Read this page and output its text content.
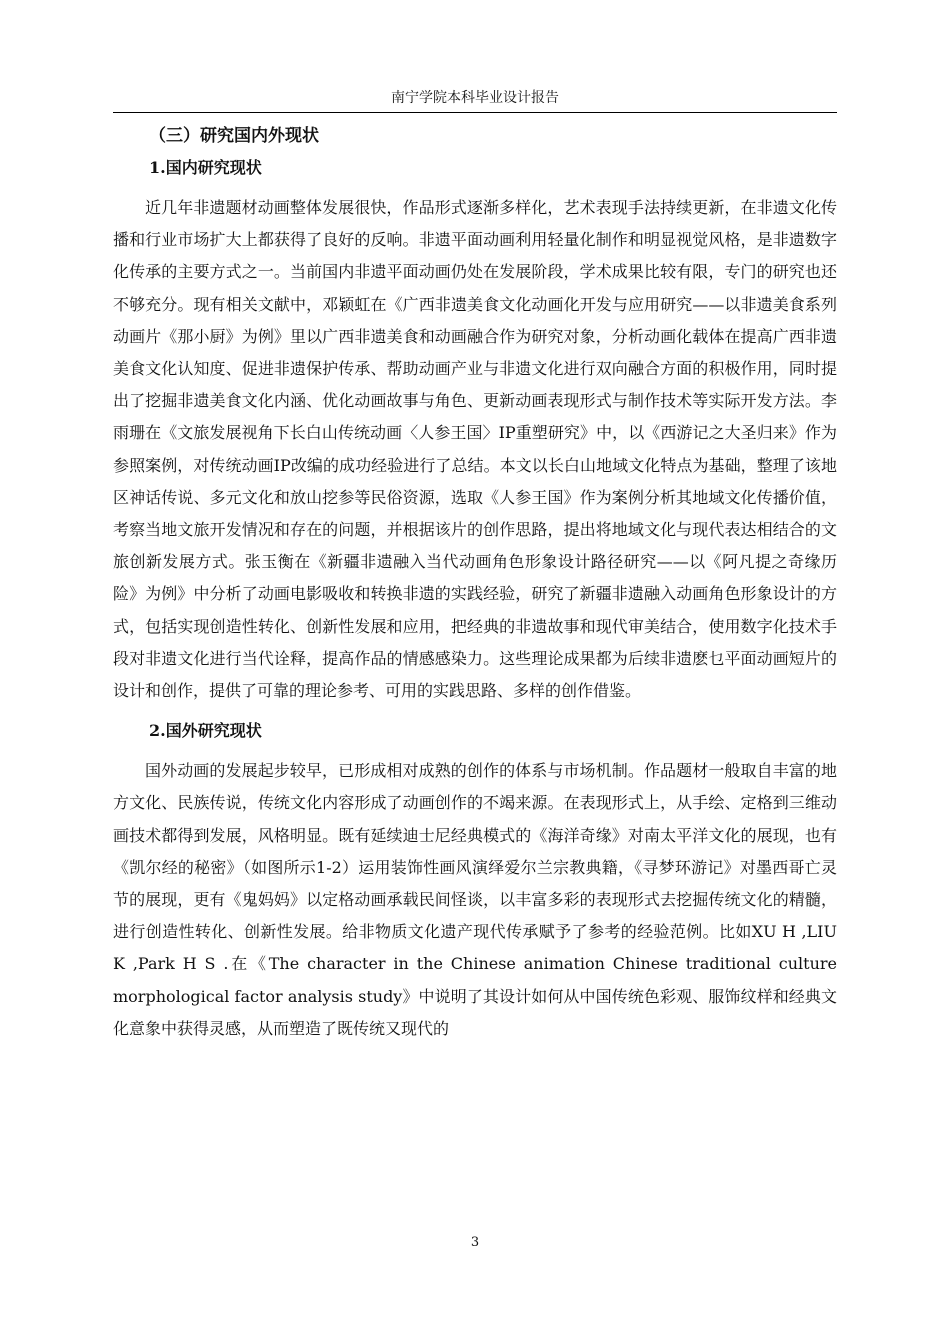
南宁学院本科毕业设计报告
（三）研究国内外现状
1.国内研究现状

近几年非遗题材动画整体发展很快，作品形式逐渐多样化，艺术表现手法持续更新，在非遗文化传播和行业市场扩大上都获得了良好的反响。非遗平面动画利用轻量化制作和明显视觉风格，是非遗数字化传承的主要方式之一。当前国内非遗平面动画仍处在发展阶段，学术成果比较有限，专门的研究也还不够充分。现有相关文献中，邓颖虹在《广西非遗美食文化动画化开发与应用研究——以非遗美食系列动画片《那小厨》为例》里以广西非遗美食和动画融合作为研究对象，分析动画化载体在提高广西非遗美食文化认知度、促进非遗保护传承、帮助动画产业与非遗文化进行双向融合方面的积极作用，同时提出了挖掘非遗美食文化内涵、优化动画故事与角色、更新动画表现形式与制作技术等实际开发方法。李雨珊在《文旅发展视角下长白山传统动画〈人参王国〉IP重塑研究》中，以《西游记之大圣归来》作为参照案例，对传统动画IP改编的成功经验进行了总结。本文以长白山地域文化特点为基础，整理了该地区神话传说、多元文化和放山挖参等民俗资源，选取《人参王国》作为案例分析其地域文化传播价值，考察当地文旅开发情况和存在的问题，并根据该片的创作思路，提出将地域文化与现代表达相结合的文旅创新发展方式。张玉衡在《新疆非遗融入当代动画角色形象设计路径研究——以《阿凡提之奇缘历险》为例》中分析了动画电影吸收和转换非遗的实践经验，研究了新疆非遗融入动画角色形象设计的方式，包括实现创造性转化、创新性发展和应用，把经典的非遗故事和现代审美结合，使用数字化技术手段对非遗文化进行当代诠释，提高作品的情感感染力。这些理论成果都为后续非遗麽乜平面动画短片的设计和创作，提供了可靠的理论参考、可用的实践思路、多样的创作借鉴。

2.国外研究现状

国外动画的发展起步较早，已形成相对成熟的创作的体系与市场机制。作品题材一般取自丰富的地方文化、民族传说，传统文化内容形成了动画创作的不竭来源。在表现形式上，从手绘、定格到三维动画技术都得到发展，风格明显。既有延续迪士尼经典模式的《海洋奇缘》对南太平洋文化的展现，也有《凯尔经的秘密》（如图所示1-2）运用装饰性画风演绎爱尔兰宗教典籍，《寻梦环游记》对墨西哥亡灵节的展现，更有《鬼妈妈》以定格动画承载民间怪谈，以丰富多彩的表现形式去挖掘传统文化的精髓，进行创造性转化、创新性发展。给非物质文化遗产现代传承赋予了参考的经验范例。比如XU H ,LIU K ,Park H S .在《The character in the Chinese animation Chinese traditional culture morphological factor analysis study》中说明了其设计如何从中国传统色彩观、服饰纹样和经典文化意象中获得灵感，从而塑造了既传统又现代的

3
